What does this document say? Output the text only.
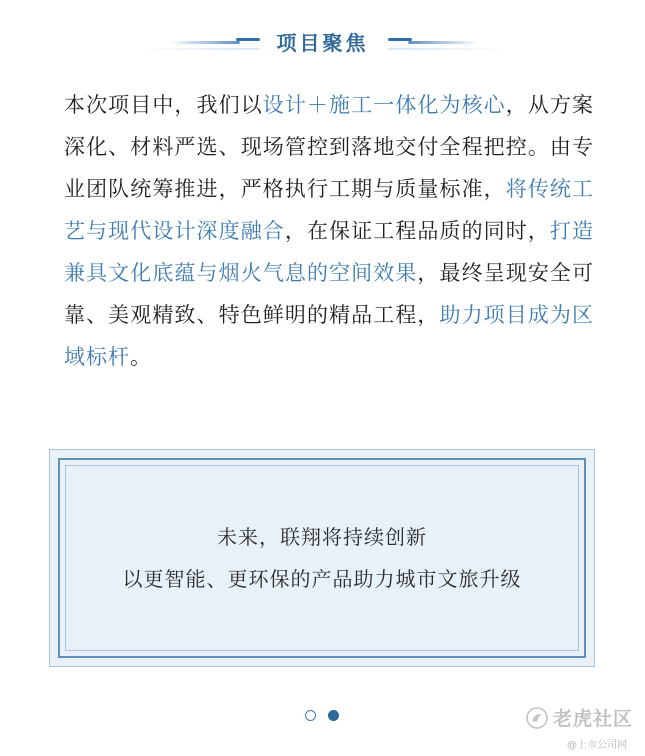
项目聚焦

本次项目中，我们以设计＋施工一体化为核心，从方案深化、材料严选、现场管控到落地交付全程把控。由专业团队统筹推进，严格执行工期与质量标准，将传统工艺与现代设计深度融合，在保证工程品质的同时，打造兼具文化底蕴与烟火气息的空间效果，最终呈现安全可靠、美观精致、特色鲜明的精品工程，助力项目成为区域标杆。

未来，联翔将持续创新
以更智能、更环保的产品助力城市文旅升级
老虎社区
@上市公司网
